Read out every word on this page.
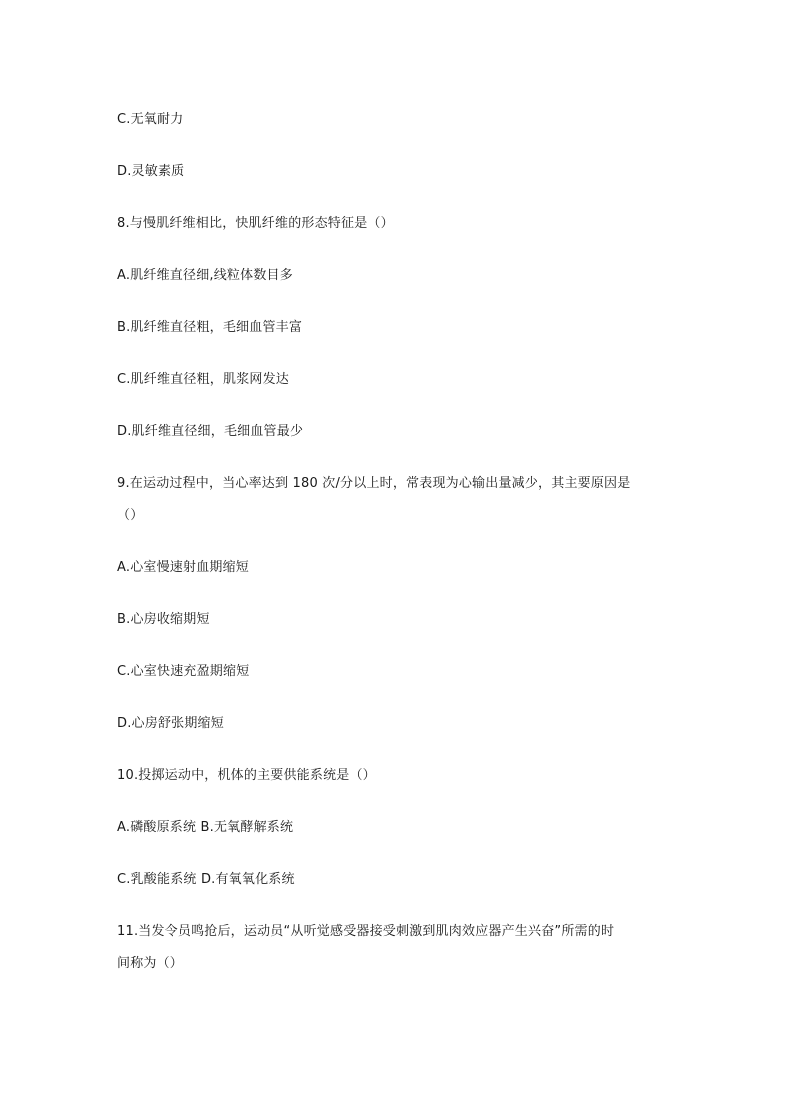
C.无氧耐力
D.灵敏素质
8.与慢肌纤维相比，快肌纤维的形态特征是（）
A.肌纤维直径细,线粒体数目多
B.肌纤维直径粗，毛细血管丰富
C.肌纤维直径粗，肌浆网发达
D.肌纤维直径细，毛细血管最少
9.在运动过程中，当心率达到 180 次/分以上时，常表现为心输出量减少，其主要原因是
（）
A.心室慢速射血期缩短
B.心房收缩期短
C.心室快速充盈期缩短
D.心房舒张期缩短
10.投掷运动中，机体的主要供能系统是（）
A.磷酸原系统 B.无氧酵解系统
C.乳酸能系统 D.有氧氧化系统
11.当发令员鸣抢后，运动员“从听觉感受器接受刺激到肌肉效应器产生兴奋”所需的时
间称为（）
